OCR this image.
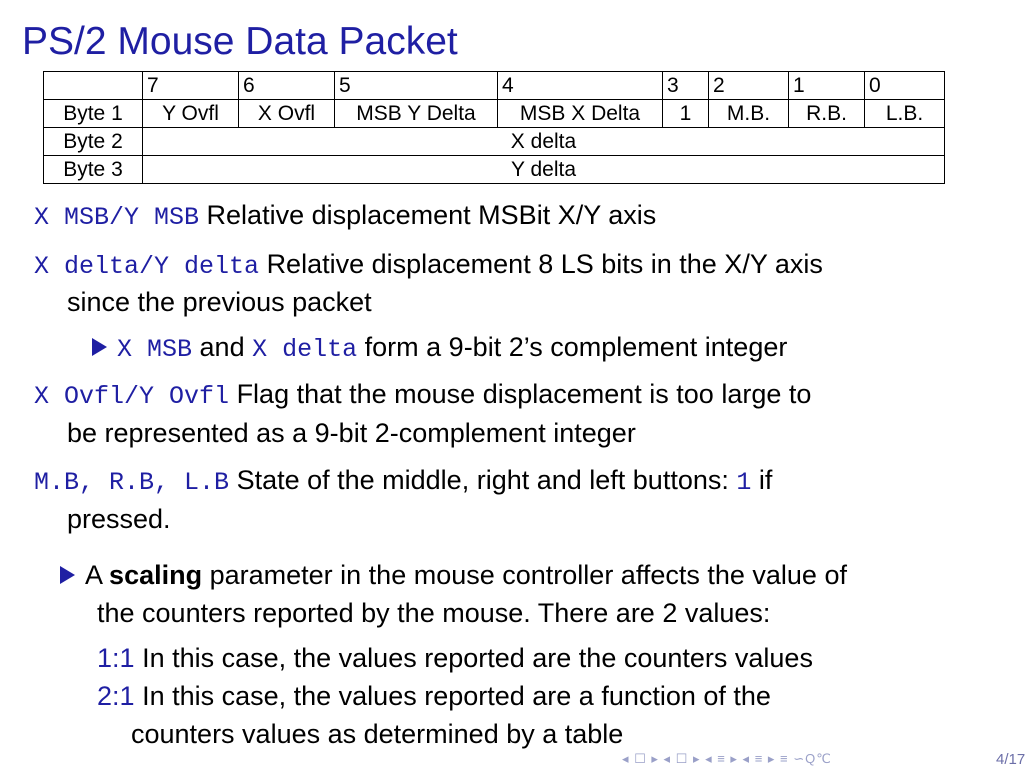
PS/2 Mouse Data Packet
	7	6	5	4	3	2	1	0
Byte 1	Y Ovfl	X Ovfl	MSB Y Delta	MSB X Delta	1	M.B.	R.B.	L.B.
Byte 2	X delta							
Byte 3	Y delta							
X MSB/Y MSB Relative displacement MSBit X/Y axis
X delta/Y delta Relative displacement 8 LS bits in the X/Y axis
since the previous packet
X MSB and X delta form a 9-bit 2’s complement integer
X Ovfl/Y Ovfl Flag that the mouse displacement is too large to
be represented as a 9-bit 2-complement integer
M.B, R.B, L.B State of the middle, right and left buttons: 1 if
pressed.
A scaling parameter in the mouse controller affects the value of
the counters reported by the mouse. There are 2 values:
1:1 In this case, the values reported are the counters values
2:1 In this case, the values reported are a function of the
counters values as determined by a table
◂ ☐ ▸ ◂ ☐ ▸ ◂ ≡ ▸ ◂ ≡ ▸ ≡ ∽Q℃	4/17
